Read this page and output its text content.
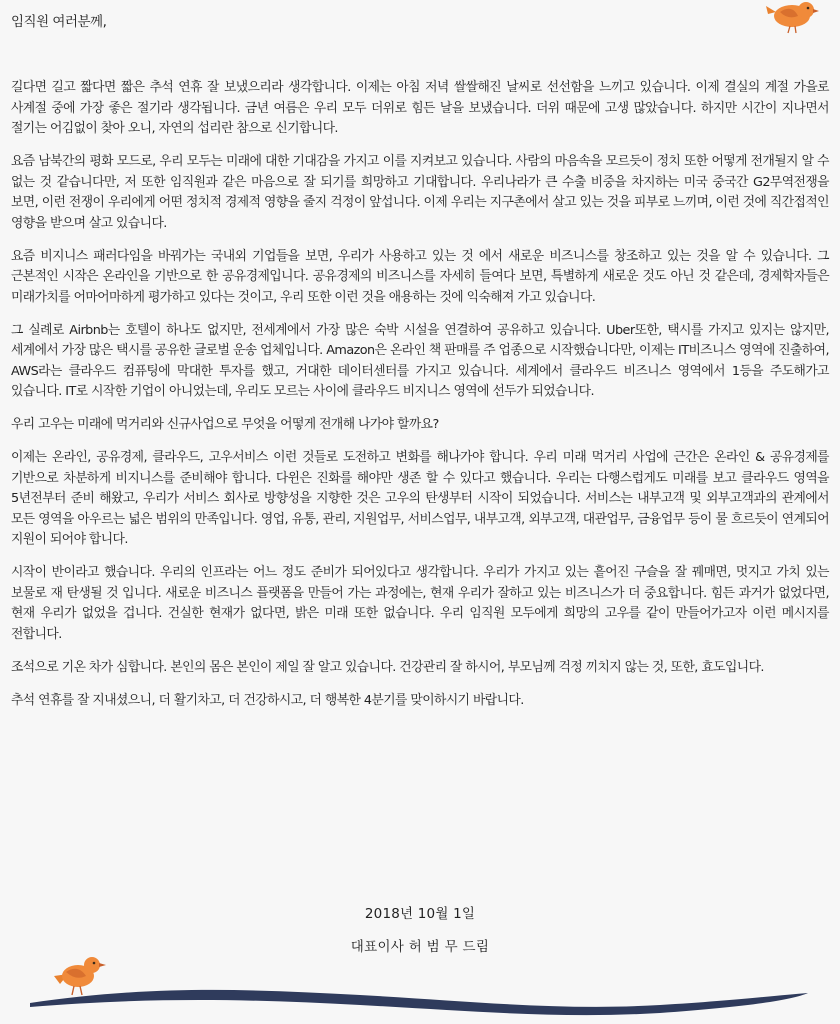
임직원 여러분께,

길다면 길고 짧다면 짧은 추석 연휴 잘 보냈으리라 생각합니다. 이제는 아침 저녁 쌀쌀해진 날씨로 선선함을 느끼고 있습니다. 이제 결실의 계절 가을로 사계절 중에 가장 좋은 절기라 생각됩니다. 금년 여름은 우리 모두 더위로 힘든 날을 보냈습니다. 더위 때문에 고생 많았습니다. 하지만 시간이 지나면서 절기는 어김없이 찾아 오니, 자연의 섭리란 참으로 신기합니다.

요즘 남북간의 평화 모드로, 우리 모두는 미래에 대한 기대감을 가지고 이를 지켜보고 있습니다. 사람의 마음속을 모르듯이 정치 또한 어떻게 전개될지 알 수 없는 것 같습니다만, 저 또한 임직원과 같은 마음으로 잘 되기를 희망하고 기대합니다. 우리나라가 큰 수출 비중을 차지하는 미국 중국간 G2무역전쟁을 보면, 이런 전쟁이 우리에게 어떤 정치적 경제적 영향을 줄지 걱정이 앞섭니다. 이제 우리는 지구촌에서 살고 있는 것을 피부로 느끼며, 이런 것에 직간접적인 영향을 받으며 살고 있습니다.

요즘 비지니스 패러다임을 바꿔가는 국내외 기업들을 보면, 우리가 사용하고 있는 것 에서 새로운 비즈니스를 창조하고 있는 것을 알 수 있습니다. 그 근본적인 시작은 온라인을 기반으로 한 공유경제입니다. 공유경제의 비즈니스를 자세히 들여다 보면, 특별하게 새로운 것도 아닌 것 같은데, 경제학자들은 미래가치를 어마어마하게 평가하고 있다는 것이고, 우리 또한 이런 것을 애용하는 것에 익숙해져 가고 있습니다.

그 실례로 Airbnb는 호텔이 하나도 없지만, 전세계에서 가장 많은 숙박 시설을 연결하여 공유하고 있습니다. Uber또한, 택시를 가지고 있지는 않지만, 세계에서 가장 많은 택시를 공유한 글로벌 운송 업체입니다. Amazon은 온라인 책 판매를 주 업종으로 시작했습니다만, 이제는 IT비즈니스 영역에 진출하여, AWS라는 클라우드 컴퓨팅에 막대한 투자를 했고, 거대한 데이터센터를 가지고 있습니다. 세계에서 클라우드 비즈니스 영역에서 1등을 주도해가고 있습니다. IT로 시작한 기업이 아니었는데, 우리도 모르는 사이에 클라우드 비지니스 영역에 선두가 되었습니다.

우리 고우는 미래에 먹거리와 신규사업으로 무엇을 어떻게 전개해 나가야 할까요?

이제는 온라인, 공유경제, 클라우드, 고우서비스 이런 것들로 도전하고 변화를 해나가야 합니다. 우리 미래 먹거리 사업에 근간은 온라인 & 공유경제를 기반으로 차분하게 비지니스를 준비해야 합니다. 다윈은 진화를 해야만 생존 할 수 있다고 했습니다. 우리는 다행스럽게도 미래를 보고 클라우드 영역을 5년전부터 준비 해왔고, 우리가 서비스 회사로 방향성을 지향한 것은 고우의 탄생부터 시작이 되었습니다. 서비스는 내부고객 및 외부고객과의 관계에서 모든 영역을 아우르는 넓은 범위의 만족입니다. 영업, 유통, 관리, 지원업무, 서비스업무, 내부고객, 외부고객, 대관업무, 금융업무 등이 물 흐르듯이 연계되어 지원이 되어야 합니다.

시작이 반이라고 했습니다. 우리의 인프라는 어느 정도 준비가 되어있다고 생각합니다. 우리가 가지고 있는 흩어진 구슬을 잘 꿰매면, 멋지고 가치 있는 보물로 재 탄생될 것 입니다. 새로운 비즈니스 플랫폼을 만들어 가는 과정에는, 현재 우리가 잘하고 있는 비즈니스가 더 중요합니다. 힘든 과거가 없었다면, 현재 우리가 없었을 겁니다. 건실한 현재가 없다면, 밝은 미래 또한 없습니다. 우리 임직원 모두에게 희망의 고우를 같이 만들어가고자 이런 메시지를 전합니다.

조석으로 기온 차가 심합니다. 본인의 몸은 본인이 제일 잘 알고 있습니다. 건강관리 잘 하시어, 부모님께 걱정 끼치지 않는 것, 또한, 효도입니다.

추석 연휴를 잘 지내셨으니, 더 활기차고, 더 건강하시고, 더 행복한 4분기를 맞이하시기 바랍니다.

2018년 10월 1일
대표이사 허 범 무 드림
